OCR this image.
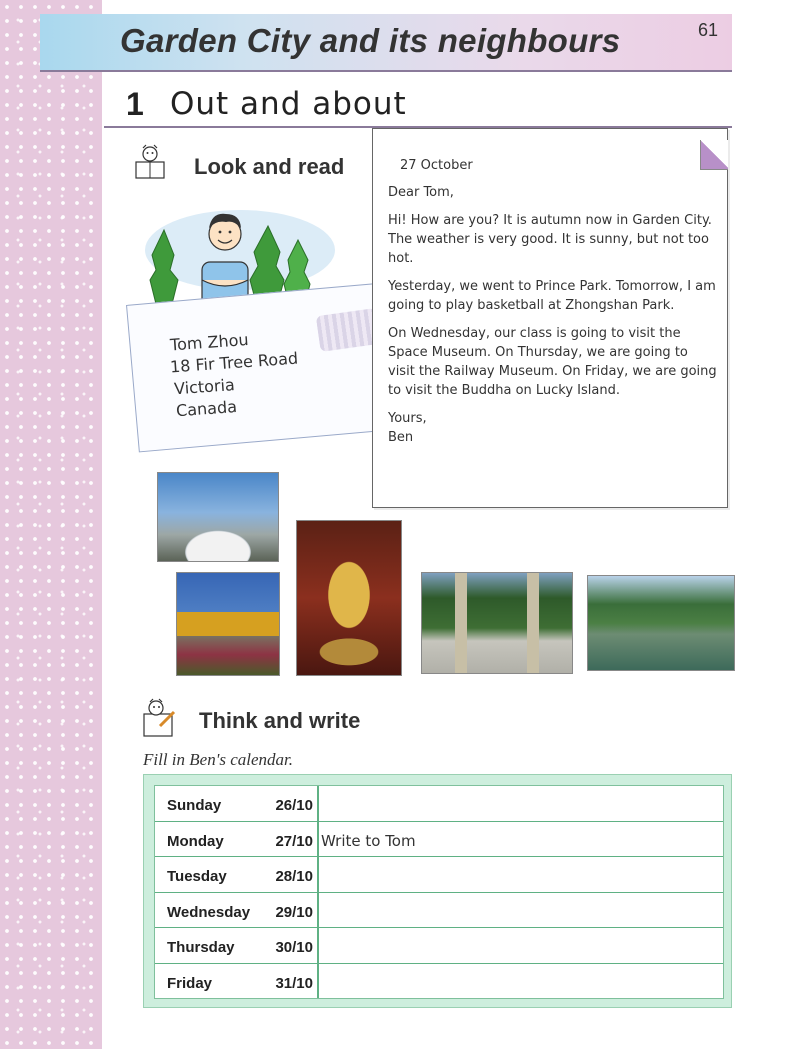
Garden City and its neighbours	61
1 Out and about
Look and read
Tom Zhou
18 Fir Tree Road
Victoria
Canada

27 October

Dear Tom,

Hi! How are you? It is autumn now in Garden City. The weather is very good. It is sunny, but not too hot.

Yesterday, we went to Prince Park. Tomorrow, I am going to play basketball at Zhongshan Park.

On Wednesday, our class is going to visit the Space Museum. On Thursday, we are going to visit the Railway Museum. On Friday, we are going to visit the Buddha on Lucky Island.

Yours,

Ben

Think and write
Fill in Ben's calendar.
Sunday	26/10
Monday	27/10 Write to Tom
Tuesday	28/10
Wednesday	29/10
Thursday	30/10
Friday	31/10
